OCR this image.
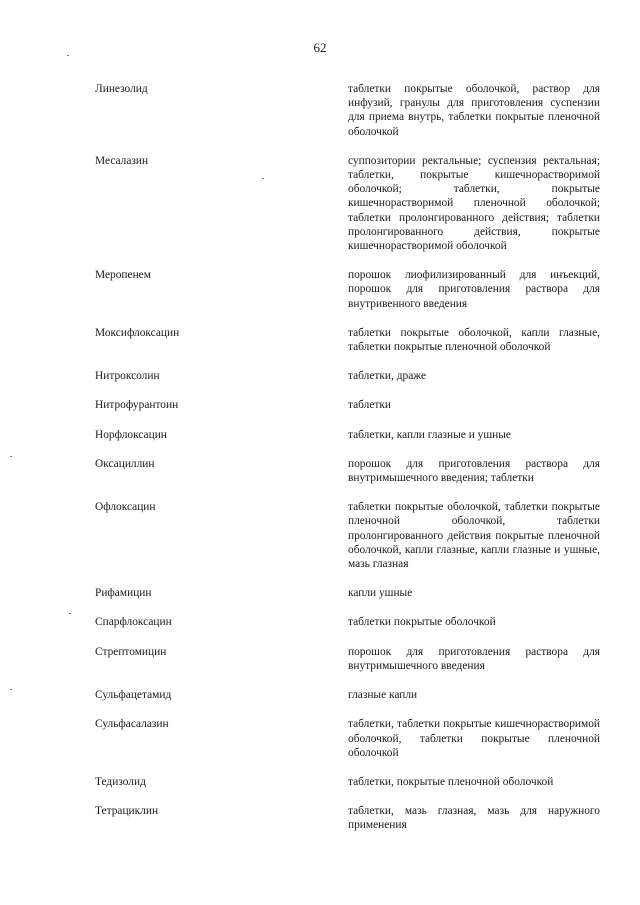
62
Линезолид	таблетки покрытые оболочкой, раствор для инфузий, гранулы для приготовления суспензии для приема внутрь, таблетки покрытые пленочной оболочкой
Месалазин	суппозитории ректальные; суспензия ректальная; таблетки, покрытые кишечнорастворимой оболочкой; таблетки, покрытые кишечнорастворимой пленочной оболочкой; таблетки пролонгированного действия; таблетки пролонгированного действия, покрытые кишечнорастворимой оболочкой
Меропенем	порошок лиофилизированный для инъекций, порошок для приготовления раствора для внутривенного введения
Моксифлоксацин	таблетки покрытые оболочкой, капли глазные, таблетки покрытые пленочной оболочкой
Нитроксолин	таблетки, драже
Нитрофурантоин	таблетки
Норфлоксацин	таблетки, капли глазные и ушные
Оксациллин	порошок для приготовления раствора для внутримышечного введения; таблетки
Офлоксацин	таблетки покрытые оболочкой, таблетки покрытые пленочной оболочкой, таблетки пролонгированного действия покрытые пленочной оболочкой, капли глазные, капли глазные и ушные, мазь глазная
Рифамицин	капли ушные
Спарфлоксацин	таблетки покрытые оболочкой
Стрептомицин	порошок для приготовления раствора для внутримышечного введения
Сульфацетамид	глазные капли
Сульфасалазин	таблетки, таблетки покрытые кишечнорастворимой оболочкой, таблетки покрытые пленочной оболочкой
Тедизолид	таблетки, покрытые пленочной оболочкой
Тетрациклин	таблетки, мазь глазная, мазь для наружного применения
